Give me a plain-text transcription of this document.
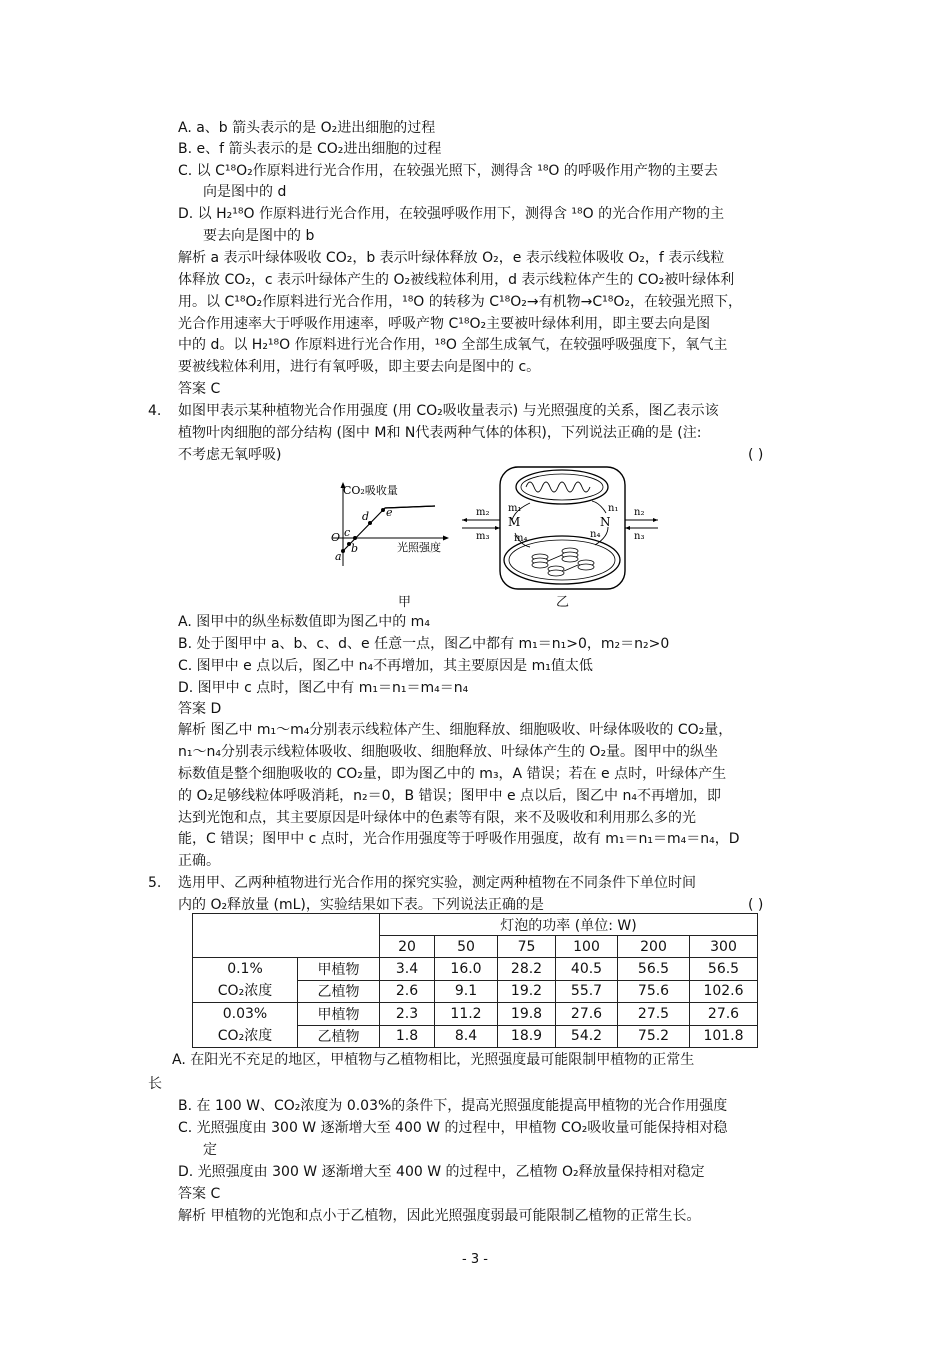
A. a、b 箭头表示的是 O₂进出细胞的过程
B. e、f 箭头表示的是 CO₂进出细胞的过程
C. 以 C¹⁸O₂作原料进行光合作用，在较强光照下，测得含 ¹⁸O 的呼吸作用产物的主要去
向是图中的 d
D. 以 H₂¹⁸O 作原料进行光合作用，在较强呼吸作用下，测得含 ¹⁸O 的光合作用产物的主
要去向是图中的 b
解析 a 表示叶绿体吸收 CO₂，b 表示叶绿体释放 O₂，e 表示线粒体吸收 O₂，f 表示线粒
体释放 CO₂，c 表示叶绿体产生的 O₂被线粒体利用，d 表示线粒体产生的 CO₂被叶绿体利
用。以 C¹⁸O₂作原料进行光合作用，¹⁸O 的转移为 C¹⁸O₂→有机物→C¹⁸O₂，在较强光照下，
光合作用速率大于呼吸作用速率，呼吸产物 C¹⁸O₂主要被叶绿体利用，即主要去向是图
中的 d。以 H₂¹⁸O 作原料进行光合作用，¹⁸O 全部生成氧气，在较强呼吸强度下，氧气主
要被线粒体利用，进行有氧呼吸，即主要去向是图中的 c。
答案 C
4. 如图甲表示某种植物光合作用强度 (用 CO₂吸收量表示) 与光照强度的关系，图乙表示该
植物叶肉细胞的部分结构 (图中 M和 N代表两种气体的体积)，下列说法正确的是 (注:
不考虑无氧呼吸)	( )
CO₂吸收量
光照强度
O
a
b
c
d e	m₂
m₃
m₁
M
m₄
n₂
n₃
n₁
N
n₄
甲	乙
A. 图甲中的纵坐标数值即为图乙中的 m₄
B. 处于图甲中 a、b、c、d、e 任意一点，图乙中都有 m₁＝n₁>0，m₂＝n₂>0
C. 图甲中 e 点以后，图乙中 n₄不再增加，其主要原因是 m₁值太低
D. 图甲中 c 点时，图乙中有 m₁＝n₁＝m₄＝n₄
答案 D
解析 图乙中 m₁～m₄分别表示线粒体产生、细胞释放、细胞吸收、叶绿体吸收的 CO₂量，
n₁～n₄分别表示线粒体吸收、细胞吸收、细胞释放、叶绿体产生的 O₂量。图甲中的纵坐
标数值是整个细胞吸收的 CO₂量，即为图乙中的 m₃，A 错误；若在 e 点时，叶绿体产生
的 O₂足够线粒体呼吸消耗，n₂＝0，B 错误；图甲中 e 点以后，图乙中 n₄不再增加，即
达到光饱和点，其主要原因是叶绿体中的色素等有限，来不及吸收和利用那么多的光
能，C 错误；图甲中 c 点时，光合作用强度等于呼吸作用强度，故有 m₁＝n₁＝m₄＝n₄，D
正确。
5. 选用甲、乙两种植物进行光合作用的探究实验，测定两种植物在不同条件下单位时间
内的 O₂释放量 (mL)，实验结果如下表。下列说法正确的是	( )
		灯泡的功率 (单位: W)					
		20	50	75	100	200	300
0.1%
CO₂浓度	甲植物	3.4	16.0	28.2	40.5	56.5	56.5
	乙植物	2.6	9.1	19.2	55.7	75.6	102.6
0.03%
CO₂浓度	甲植物	2.3	11.2	19.8	27.6	27.5	27.6
	乙植物	1.8	8.4	18.9	54.2	75.2	101.8
A. 在阳光不充足的地区，甲植物与乙植物相比，光照强度最可能限制甲植物的正常生
长
B. 在 100 W、CO₂浓度为 0.03%的条件下，提高光照强度能提高甲植物的光合作用强度
C. 光照强度由 300 W 逐渐增大至 400 W 的过程中，甲植物 CO₂吸收量可能保持相对稳
定
D. 光照强度由 300 W 逐渐增大至 400 W 的过程中，乙植物 O₂释放量保持相对稳定
答案 C
解析 甲植物的光饱和点小于乙植物，因此光照强度弱最可能限制乙植物的正常生长。
- 3 -
